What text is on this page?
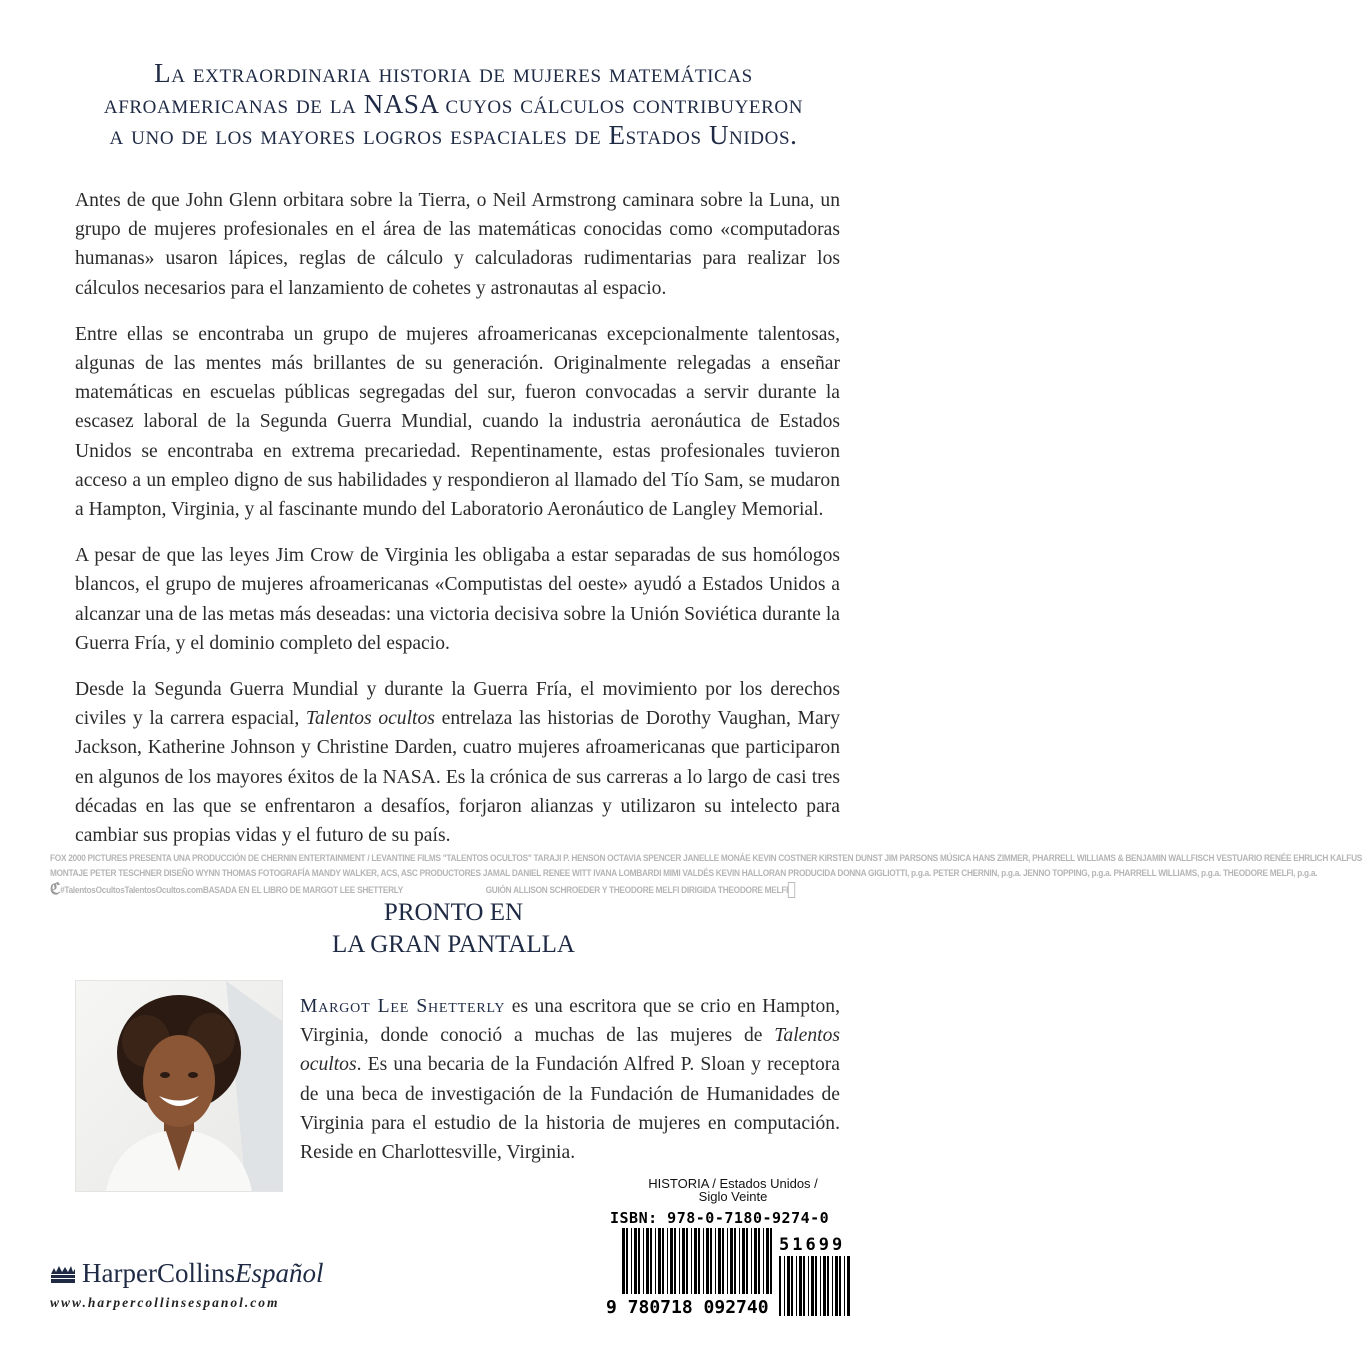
La extraordinaria historia de mujeres matemáticas
afroamericanas de la NASA cuyos cálculos contribuyeron
a uno de los mayores logros espaciales de Estados Unidos.

Antes de que John Glenn orbitara sobre la Tierra, o Neil Armstrong caminara sobre la Luna, un grupo de mujeres profesionales en el área de las matemáticas conocidas como «computadoras humanas» usaron lápices, reglas de cálculo y calculadoras rudimentarias para realizar los cálculos necesarios para el lanzamiento de cohetes y astronautas al espacio.

Entre ellas se encontraba un grupo de mujeres afroamericanas excepcionalmente talentosas, algunas de las mentes más brillantes de su generación. Originalmente relegadas a enseñar matemáticas en escuelas públicas segregadas del sur, fueron convocadas a servir durante la escasez laboral de la Segunda Guerra Mundial, cuando la industria aeronáutica de Estados Unidos se encontraba en extrema precariedad. Repentinamente, estas profesionales tuvieron acceso a un empleo digno de sus habilidades y respondieron al llamado del Tío Sam, se mudaron a Hampton, Virginia, y al fascinante mundo del Laboratorio Aeronáutico de Langley Memorial.

A pesar de que las leyes Jim Crow de Virginia les obligaba a estar separadas de sus homólogos blancos, el grupo de mujeres afroamericanas «Computistas del oeste» ayudó a Estados Unidos a alcanzar una de las metas más deseadas: una victoria decisiva sobre la Unión Soviética durante la Guerra Fría, y el dominio completo del espacio.

Desde la Segunda Guerra Mundial y durante la Guerra Fría, el movimiento por los derechos civiles y la carrera espacial, Talentos ocultos entrelaza las historias de Dorothy Vaughan, Mary Jackson, Katherine Johnson y Christine Darden, cuatro mujeres afroamericanas que participaron en algunos de los mayores éxitos de la NASA. Es la crónica de sus carreras a lo largo de casi tres décadas en las que se enfrentaron a desafíos, forjaron alianzas y utilizaron su intelecto para cambiar sus propias vidas y el futuro de su país.

FOX 2000 PICTURES PRESENTA UNA PRODUCCIÓN DE CHERNIN ENTERTAINMENT / LEVANTINE FILMS "TALENTOS OCULTOS" TARAJI P. HENSON OCTAVIA SPENCER JANELLE MONÁE KEVIN COSTNER KIRSTEN DUNST JIM PARSONS MÚSICA HANS ZIMMER, PHARRELL WILLIAMS & BENJAMIN WALLFISCH VESTUARIO RENÉE EHRLICH KALFUS
MONTAJE PETER TESCHNER DISEÑO WYNN THOMAS FOTOGRAFÍA MANDY WALKER, ACS, ASC PRODUCTORES JAMAL DANIEL RENEE WITT IVANA LOMBARDI MIMI VALDÉS KEVIN HALLORAN PRODUCIDA DONNA GIGLIOTTI, p.g.a. PETER CHERNIN, p.g.a. JENNO TOPPING, p.g.a. PHARRELL WILLIAMS, p.g.a. THEODORE MELFI, p.g.a.
ℭ #TalentosOcultos TalentosOcultos.com BASADA EN EL LIBRO DE MARGOT LEE SHETTERLY	GUIÓN ALLISON SCHROEDER Y THEODORE MELFI DIRIGIDA THEODORE MELFI
PRONTO EN
LA GRAN PANTALLA
Margot Lee Shetterly es una escritora que se crio en Hampton, Virginia, donde conoció a muchas de las mujeres de Talentos ocultos. Es una becaria de la Fundación Alfred P. Sloan y receptora de una beca de investigación de la Fundación de Humanidades de Virginia para el estudio de la historia de mujeres en computación. Reside en Charlottesville, Virginia.
HISTORIA / Estados Unidos /
Siglo Veinte
ISBN: 978-0-7180-9274-0
51699
9 780718 092740
HarperCollinsEspañol
www.harpercollinsespanol.com
